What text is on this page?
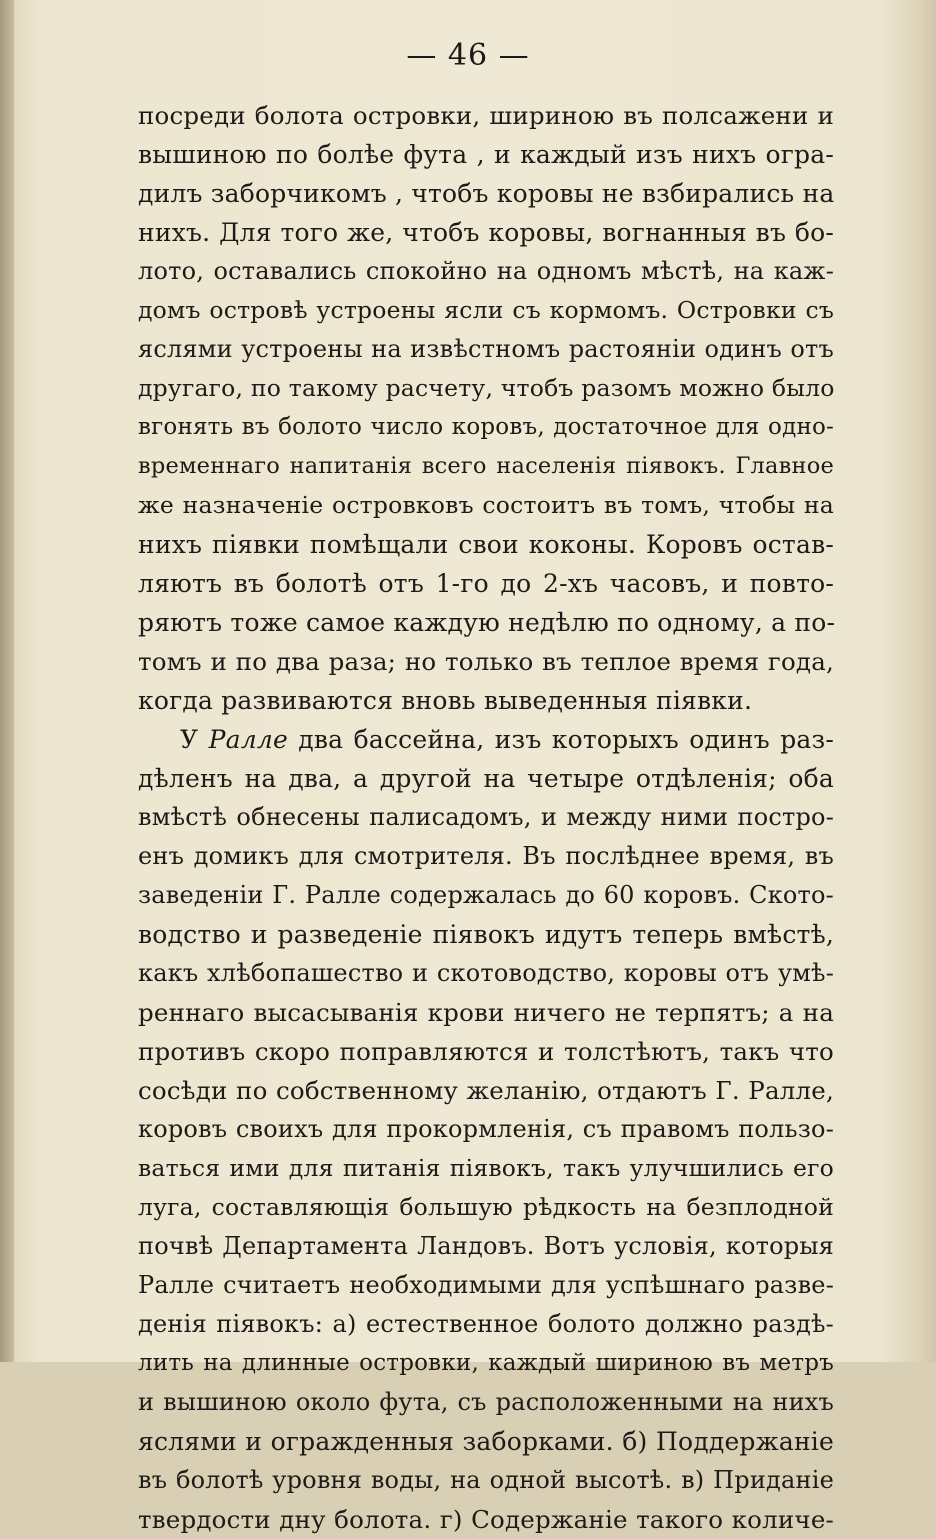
— 46 —
посреди болота островки, шириною въ полсажени и
вышиною по болѣе фута , и каждый изъ нихъ огра-
дилъ заборчикомъ , чтобъ коровы не взбирались на
нихъ. Для того же, чтобъ коровы, вогнанныя въ бо-
лото, оставались спокойно на одномъ мѣстѣ, на каж-
домъ островѣ устроены ясли съ кормомъ. Островки съ
яслями устроены на извѣстномъ растояніи одинъ отъ
другаго, по такому расчету, чтобъ разомъ можно было
вгонять въ болото число коровъ, достаточное для одно-
временнаго напитанія всего населенія піявокъ. Главное
же назначеніе островковъ состоитъ въ томъ, чтобы на
нихъ піявки помѣщали свои коконы. Коровъ остав-
ляютъ въ болотѣ отъ 1-го до 2-хъ часовъ, и повто-
ряютъ тоже самое каждую недѣлю по одному, а по-
томъ и по два раза; но только въ теплое время года,
когда развиваются вновь выведенныя піявки.
У Ралле два бассейна, изъ которыхъ одинъ раз-
дѣленъ на два, а другой на четыре отдѣленія; оба
вмѣстѣ обнесены палисадомъ, и между ними постро-
енъ домикъ для смотрителя. Въ послѣднее время, въ
заведеніи Г. Ралле содержалась до 60 коровъ. Ското-
водство и разведеніе піявокъ идутъ теперь вмѣстѣ,
какъ хлѣбопашество и скотоводство, коровы отъ умѣ-
реннаго высасыванія крови ничего не терпятъ; а на
противъ скоро поправляются и толстѣютъ, такъ что
сосѣди по собственному желанію, отдаютъ Г. Ралле,
коровъ своихъ для прокормленія, съ правомъ пользо-
ваться ими для питанія піявокъ, такъ улучшились его
луга, составляющія большую рѣдкость на безплодной
почвѣ Департамента Ландовъ. Вотъ условія, которыя
Ралле считаетъ необходимыми для успѣшнаго разве-
денія піявокъ: а) естественное болото должно раздѣ-
лить на длинные островки, каждый шириною въ метръ
и вышиною около фута, съ расположенными на нихъ
яслями и огражденныя заборками. б) Поддержаніе
въ болотѣ уровня воды, на одной высотѣ. в) Приданіе
твердости дну болота. г) Содержаніе такого количе-
